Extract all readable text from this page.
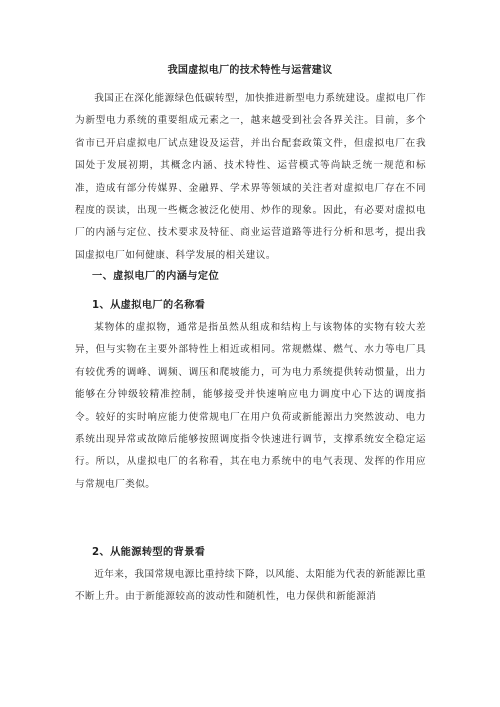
我国虚拟电厂的技术特性与运营建议

我国正在深化能源绿色低碳转型，加快推进新型电力系统建设。虚拟电厂作为新型电力系统的重要组成元素之一，越来越受到社会各界关注。目前，多个省市已开启虚拟电厂试点建设及运营，并出台配套政策文件，但虚拟电厂在我国处于发展初期，其概念内涵、技术特性、运营模式等尚缺乏统一规范和标准，造成有部分传媒界、金融界、学术界等领域的关注者对虚拟电厂存在不同程度的误读，出现一些概念被泛化使用、炒作的现象。因此，有必要对虚拟电厂的内涵与定位、技术要求及特征、商业运营道路等进行分析和思考，提出我国虚拟电厂如何健康、科学发展的相关建议。

一、虚拟电厂的内涵与定位
1、从虚拟电厂的名称看

某物体的虚拟物，通常是指虽然从组成和结构上与该物体的实物有较大差异，但与实物在主要外部特性上相近或相同。常规燃煤、燃气、水力等电厂具有较优秀的调峰、调频、调压和爬坡能力，可为电力系统提供转动惯量，出力能够在分钟级较精准控制，能够接受并快速响应电力调度中心下达的调度指令。较好的实时响应能力使常规电厂在用户负荷或新能源出力突然波动、电力系统出现异常或故障后能够按照调度指令快速进行调节，支撑系统安全稳定运行。所以，从虚拟电厂的名称看，其在电力系统中的电气表现、发挥的作用应与常规电厂类似。

2、从能源转型的背景看

近年来，我国常规电源比重持续下降，以风能、太阳能为代表的新能源比重不断上升。由于新能源较高的波动性和随机性，电力保供和新能源消
